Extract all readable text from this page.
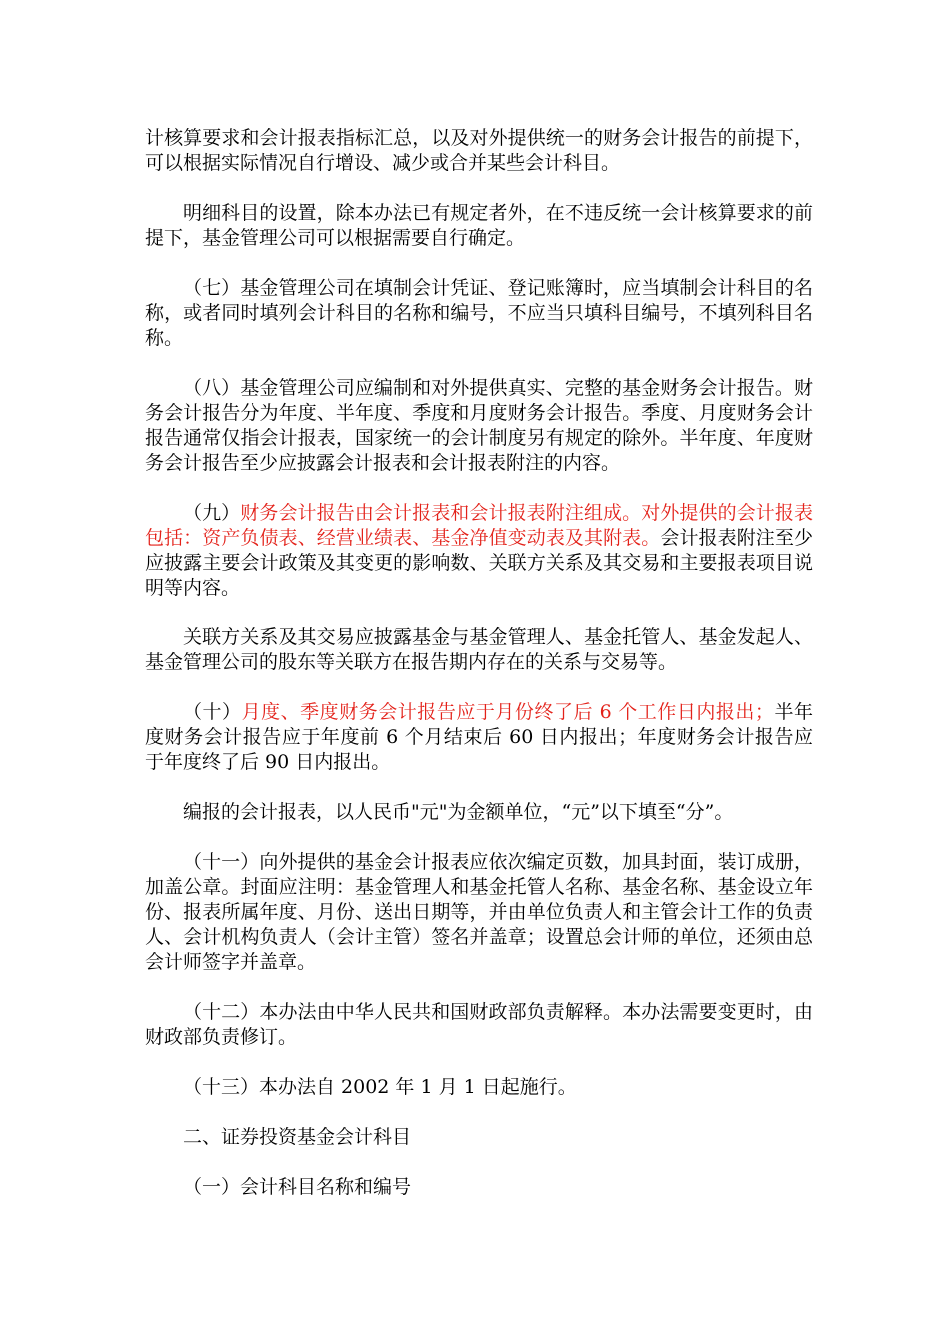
计核算要求和会计报表指标汇总，以及对外提供统一的财务会计报告的前提下，可以根据实际情况自行增设、减少或合并某些会计科目。

明细科目的设置，除本办法已有规定者外，在不违反统一会计核算要求的前提下，基金管理公司可以根据需要自行确定。

（七）基金管理公司在填制会计凭证、登记账簿时，应当填制会计科目的名称，或者同时填列会计科目的名称和编号，不应当只填科目编号，不填列科目名称。

（八）基金管理公司应编制和对外提供真实、完整的基金财务会计报告。财务会计报告分为年度、半年度、季度和月度财务会计报告。季度、月度财务会计报告通常仅指会计报表，国家统一的会计制度另有规定的除外。半年度、年度财务会计报告至少应披露会计报表和会计报表附注的内容。

（九）财务会计报告由会计报表和会计报表附注组成。对外提供的会计报表包括：资产负债表、经营业绩表、基金净值变动表及其附表。会计报表附注至少应披露主要会计政策及其变更的影响数、关联方关系及其交易和主要报表项目说明等内容。

关联方关系及其交易应披露基金与基金管理人、基金托管人、基金发起人、基金管理公司的股东等关联方在报告期内存在的关系与交易等。

（十）月度、季度财务会计报告应于月份终了后 6 个工作日内报出；半年度财务会计报告应于年度前 6 个月结束后 60 日内报出；年度财务会计报告应于年度终了后 90 日内报出。

编报的会计报表，以人民币"元"为金额单位，“元”以下填至“分”。

（十一）向外提供的基金会计报表应依次编定页数，加具封面，装订成册，加盖公章。封面应注明：基金管理人和基金托管人名称、基金名称、基金设立年份、报表所属年度、月份、送出日期等，并由单位负责人和主管会计工作的负责人、会计机构负责人（会计主管）签名并盖章；设置总会计师的单位，还须由总会计师签字并盖章。

（十二）本办法由中华人民共和国财政部负责解释。本办法需要变更时，由财政部负责修订。

（十三）本办法自 2002 年 1 月 1 日起施行。

二、证券投资基金会计科目

（一）会计科目名称和编号
